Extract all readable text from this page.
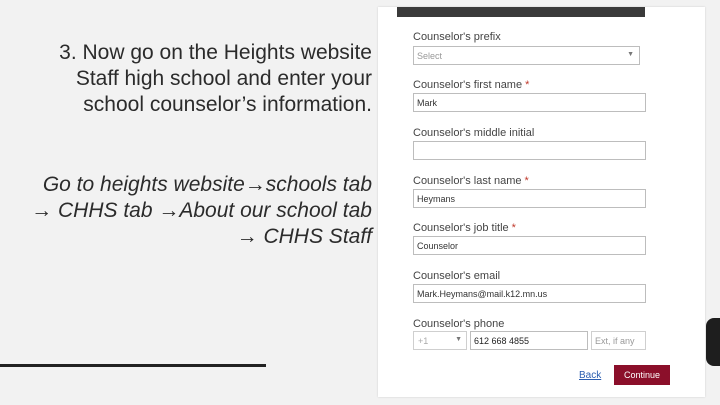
3. Now go on the Heights website Staff high school and enter your school counselor’s information.
Go to heights website→schools tab → CHHS tab →About our school tab → CHHS Staff
Counselor's prefix
Select	▼
Counselor's first name *
Mark
Counselor's middle initial
Counselor's last name *
Heymans
Counselor's job title *
Counselor
Counselor's email
Mark.Heymans@mail.k12.mn.us
Counselor's phone
+1	▼	612 668 4855	Ext, if any
Back	Continue
